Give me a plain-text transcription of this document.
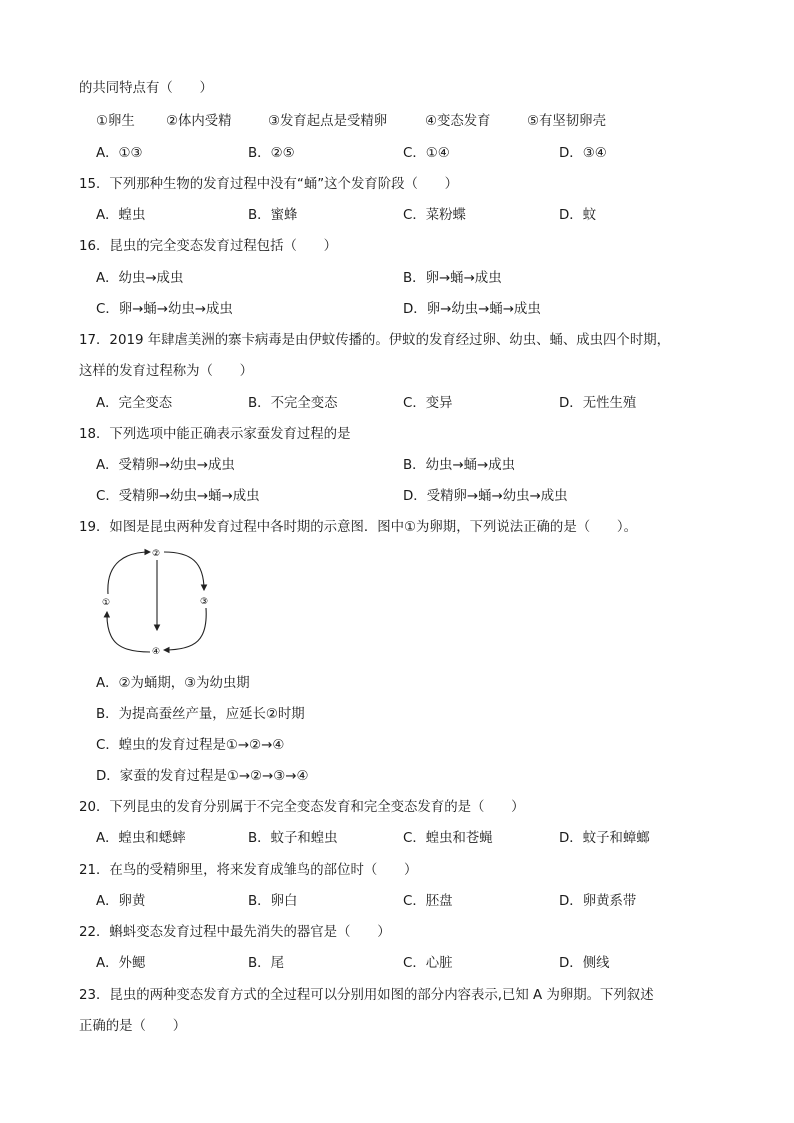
的共同特点有（　　）
①卵生 ②体内受精	③发育起点是受精卵	④变态发育	⑤有坚韧卵壳
A．①③	B．②⑤	C．①④	D．③④
15．下列那种生物的发育过程中没有“蛹”这个发育阶段（　　）
A．蝗虫	B．蜜蜂	C．菜粉蝶	D．蚊
16．昆虫的完全变态发育过程包括（　　）
A．幼虫→成虫	B．卵→蛹→成虫
C．卵→蛹→幼虫→成虫	D．卵→幼虫→蛹→成虫
17．2019 年肆虐美洲的寨卡病毒是由伊蚊传播的。伊蚊的发育经过卵、幼虫、蛹、成虫四个时期，
这样的发育过程称为（　　）
A．完全变态	B．不完全变态	C．变异	D．无性生殖
18．下列选项中能正确表示家蚕发育过程的是
A．受精卵→幼虫→成虫	B．幼虫→蛹→成虫
C．受精卵→幼虫→蛹→成虫	D．受精卵→蛹→幼虫→成虫
19．如图是昆虫两种发育过程中各时期的示意图．图中①为卵期，下列说法正确的是（　　）。
①
②
③
④
A．②为蛹期，③为幼虫期
B．为提高蚕丝产量，应延长②时期
C．蝗虫的发育过程是①→②→④
D．家蚕的发育过程是①→②→③→④
20．下列昆虫的发育分别属于不完全变态发育和完全变态发育的是（　　）
A．蝗虫和蟋蟀	B．蚊子和蝗虫	C．蝗虫和苍蝇	D．蚊子和蟑螂
21．在鸟的受精卵里，将来发育成雏鸟的部位时（　　）
A．卵黄	B．卵白	C．胚盘	D．卵黄系带
22．蝌蚪变态发育过程中最先消失的器官是（　　）
A．外鳃	B．尾	C．心脏	D．侧线
23．昆虫的两种变态发育方式的全过程可以分别用如图的部分内容表示,已知 A 为卵期。下列叙述
正确的是（　　）
